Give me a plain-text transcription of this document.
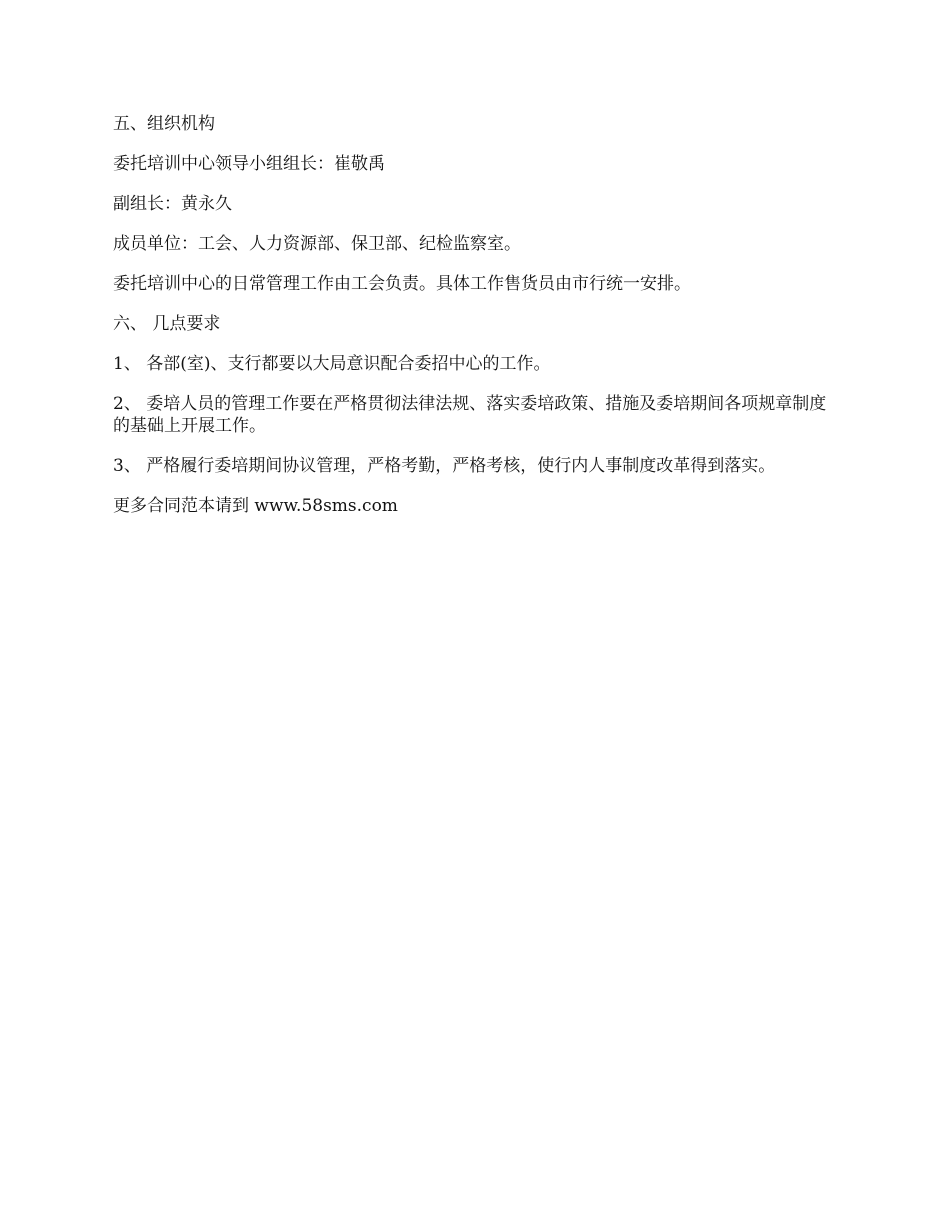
五、组织机构

委托培训中心领导小组组长：崔敬禹

副组长：黄永久

成员单位：工会、人力资源部、保卫部、纪检监察室。

委托培训中心的日常管理工作由工会负责。具体工作售货员由市行统一安排。

六、 几点要求

1、 各部(室)、支行都要以大局意识配合委招中心的工作。

2、 委培人员的管理工作要在严格贯彻法律法规、落实委培政策、措施及委培期间各项规章制度的基础上开展工作。

3、 严格履行委培期间协议管理，严格考勤，严格考核，使行内人事制度改革得到落实。

更多合同范本请到 www.58sms.com
